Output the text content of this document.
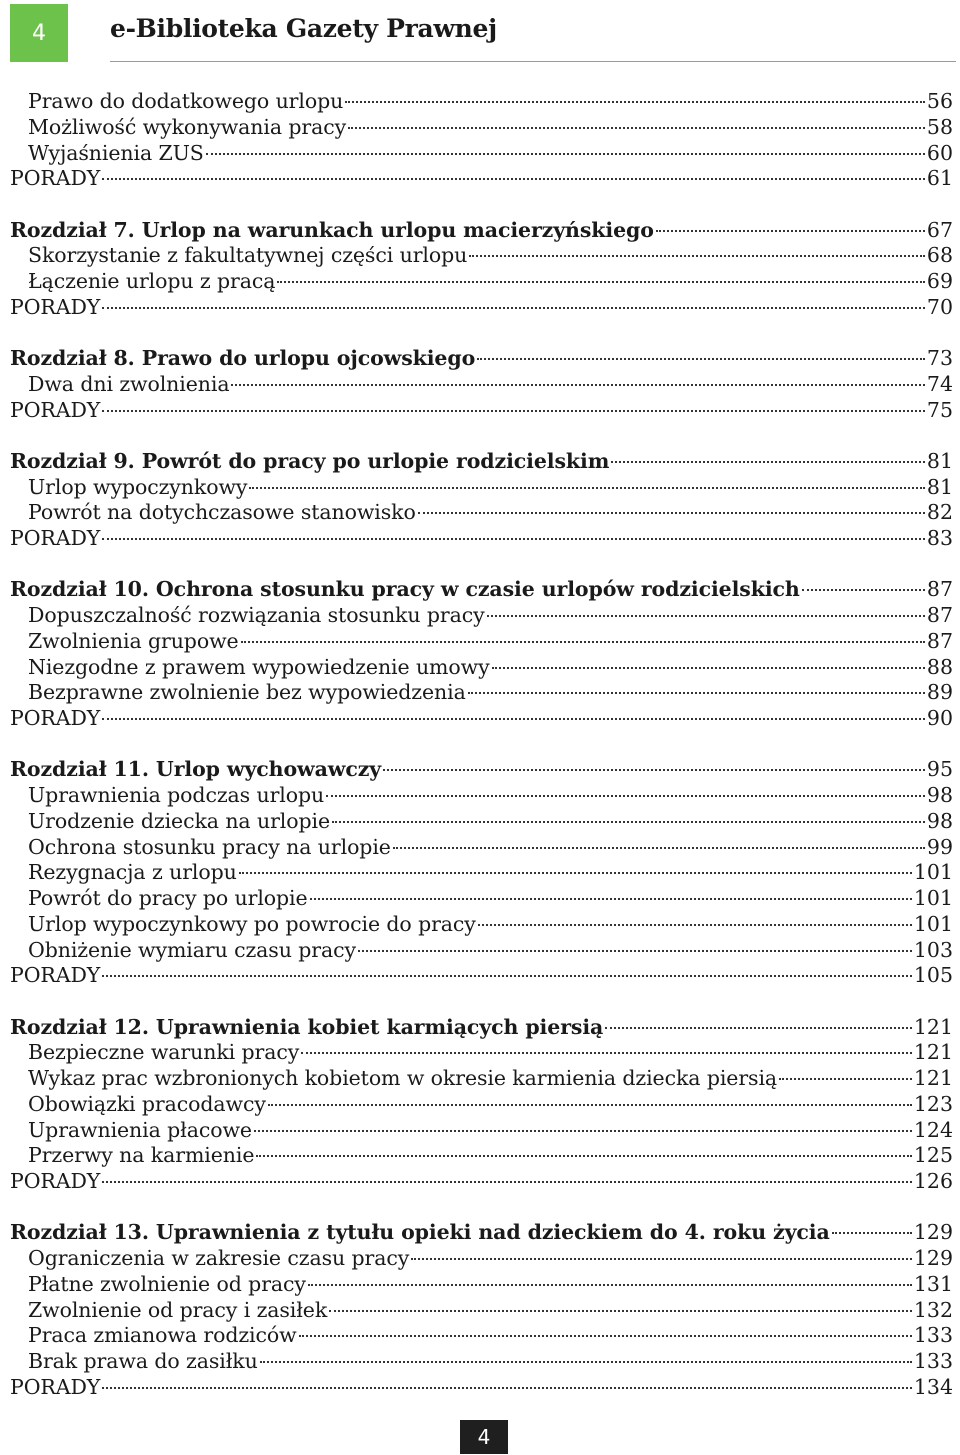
4	e-Biblioteka Gazety Prawnej
Prawo do dodatkowego urlopu	56
Możliwość wykonywania pracy	58
Wyjaśnienia ZUS	60
PORADY	61
Rozdział 7. Urlop na warunkach urlopu macierzyńskiego	67
Skorzystanie z fakultatywnej części urlopu	68
Łączenie urlopu z pracą	69
PORADY	70
Rozdział 8. Prawo do urlopu ojcowskiego	73
Dwa dni zwolnienia	74
PORADY	75
Rozdział 9. Powrót do pracy po urlopie rodzicielskim	81
Urlop wypoczynkowy	81
Powrót na dotychczasowe stanowisko	82
PORADY	83
Rozdział 10. Ochrona stosunku pracy w czasie urlopów rodzicielskich	87
Dopuszczalność rozwiązania stosunku pracy	87
Zwolnienia grupowe	87
Niezgodne z prawem wypowiedzenie umowy	88
Bezprawne zwolnienie bez wypowiedzenia	89
PORADY	90
Rozdział 11. Urlop wychowawczy	95
Uprawnienia podczas urlopu	98
Urodzenie dziecka na urlopie	98
Ochrona stosunku pracy na urlopie	99
Rezygnacja z urlopu	101
Powrót do pracy po urlopie	101
Urlop wypoczynkowy po powrocie do pracy	101
Obniżenie wymiaru czasu pracy	103
PORADY	105
Rozdział 12. Uprawnienia kobiet karmiących piersią	121
Bezpieczne warunki pracy	121
Wykaz prac wzbronionych kobietom w okresie karmienia dziecka piersią	121
Obowiązki pracodawcy	123
Uprawnienia płacowe	124
Przerwy na karmienie	125
PORADY	126
Rozdział 13. Uprawnienia z tytułu opieki nad dzieckiem do 4. roku życia	129
Ograniczenia w zakresie czasu pracy	129
Płatne zwolnienie od pracy	131
Zwolnienie od pracy i zasiłek	132
Praca zmianowa rodziców	133
Brak prawa do zasiłku	133
PORADY	134
4
